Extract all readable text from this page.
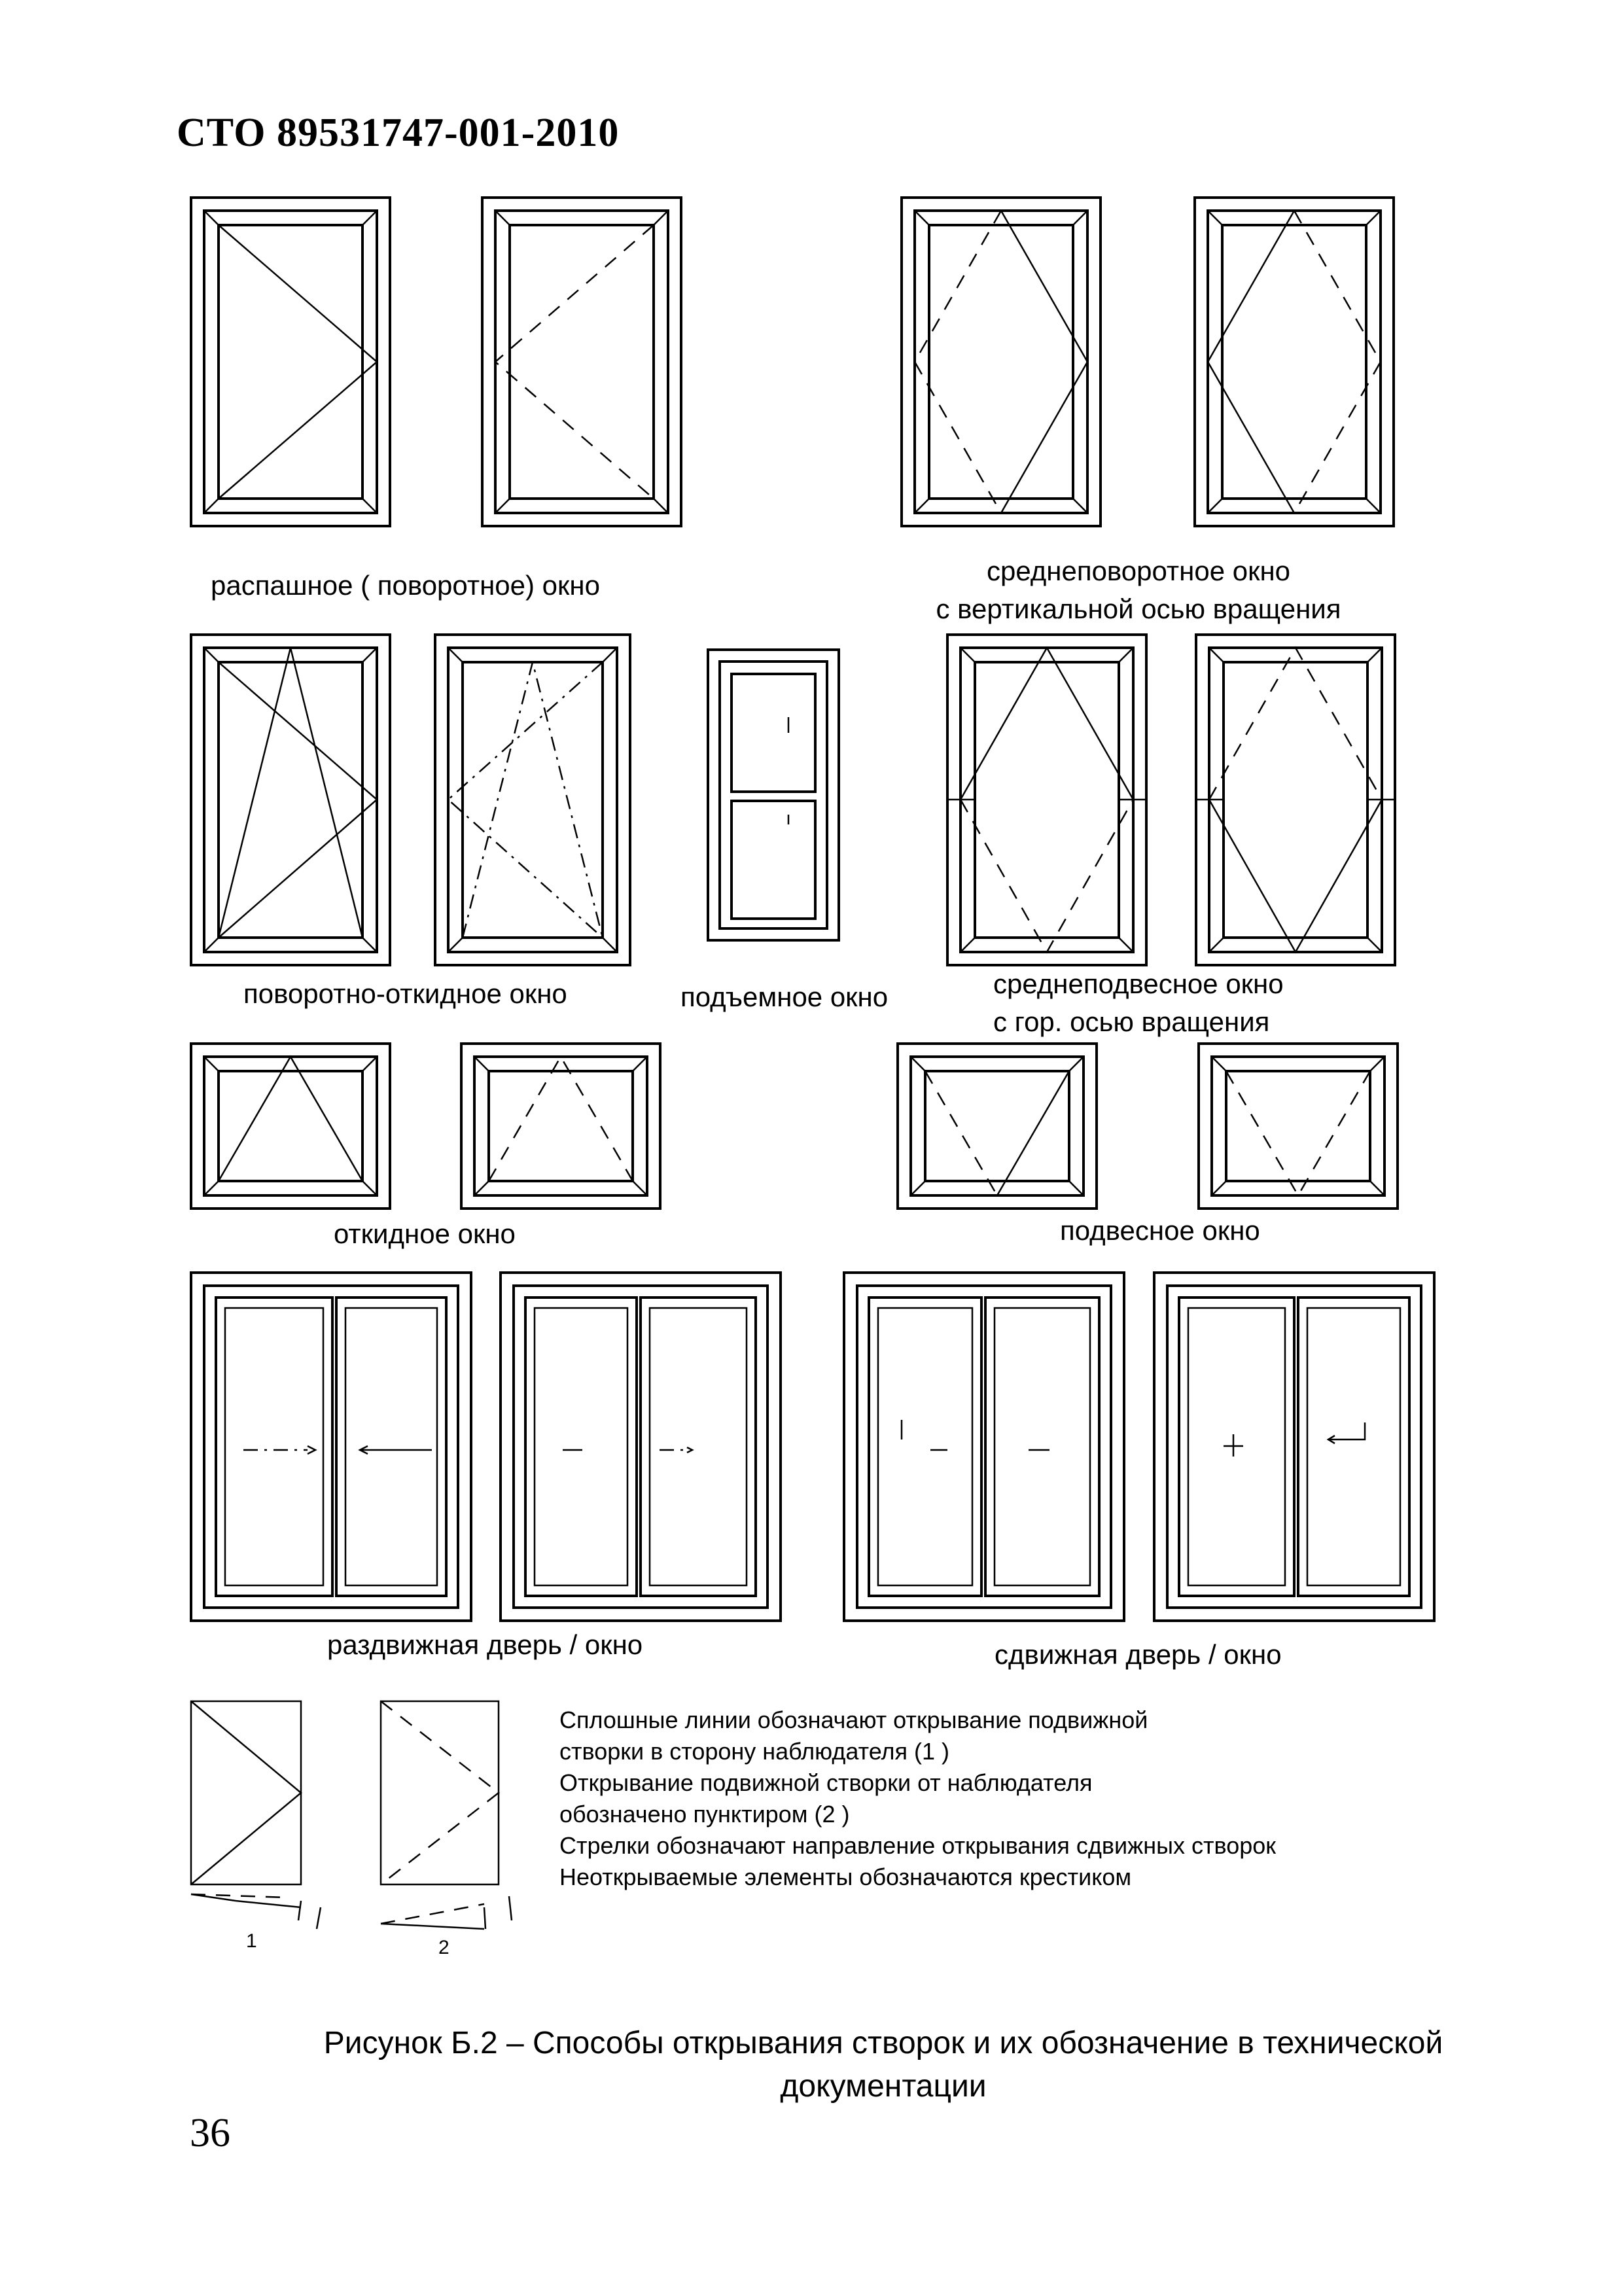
СТО 89531747-001-2010
распашное ( поворотное) окно	среднеповоротное окно
с вертикальной осью вращения
поворотно-откидное окно	подъемное окно	среднеподвесное окно
с гор. осью вращения
откидное окно	подвесное окно
раздвижная дверь / окно	сдвижная дверь / окно
1	2
Сплошные линии обозначают открывание подвижной
створки в сторону наблюдателя (1 )
Открывание подвижной створки от наблюдателя
обозначено пунктиром (2 )
Стрелки обозначают направление открывания сдвижных створок
Неоткрываемые элементы обозначаются крестиком
Рисунок Б.2 – Способы открывания створок и их обозначение в технической
документации
36
